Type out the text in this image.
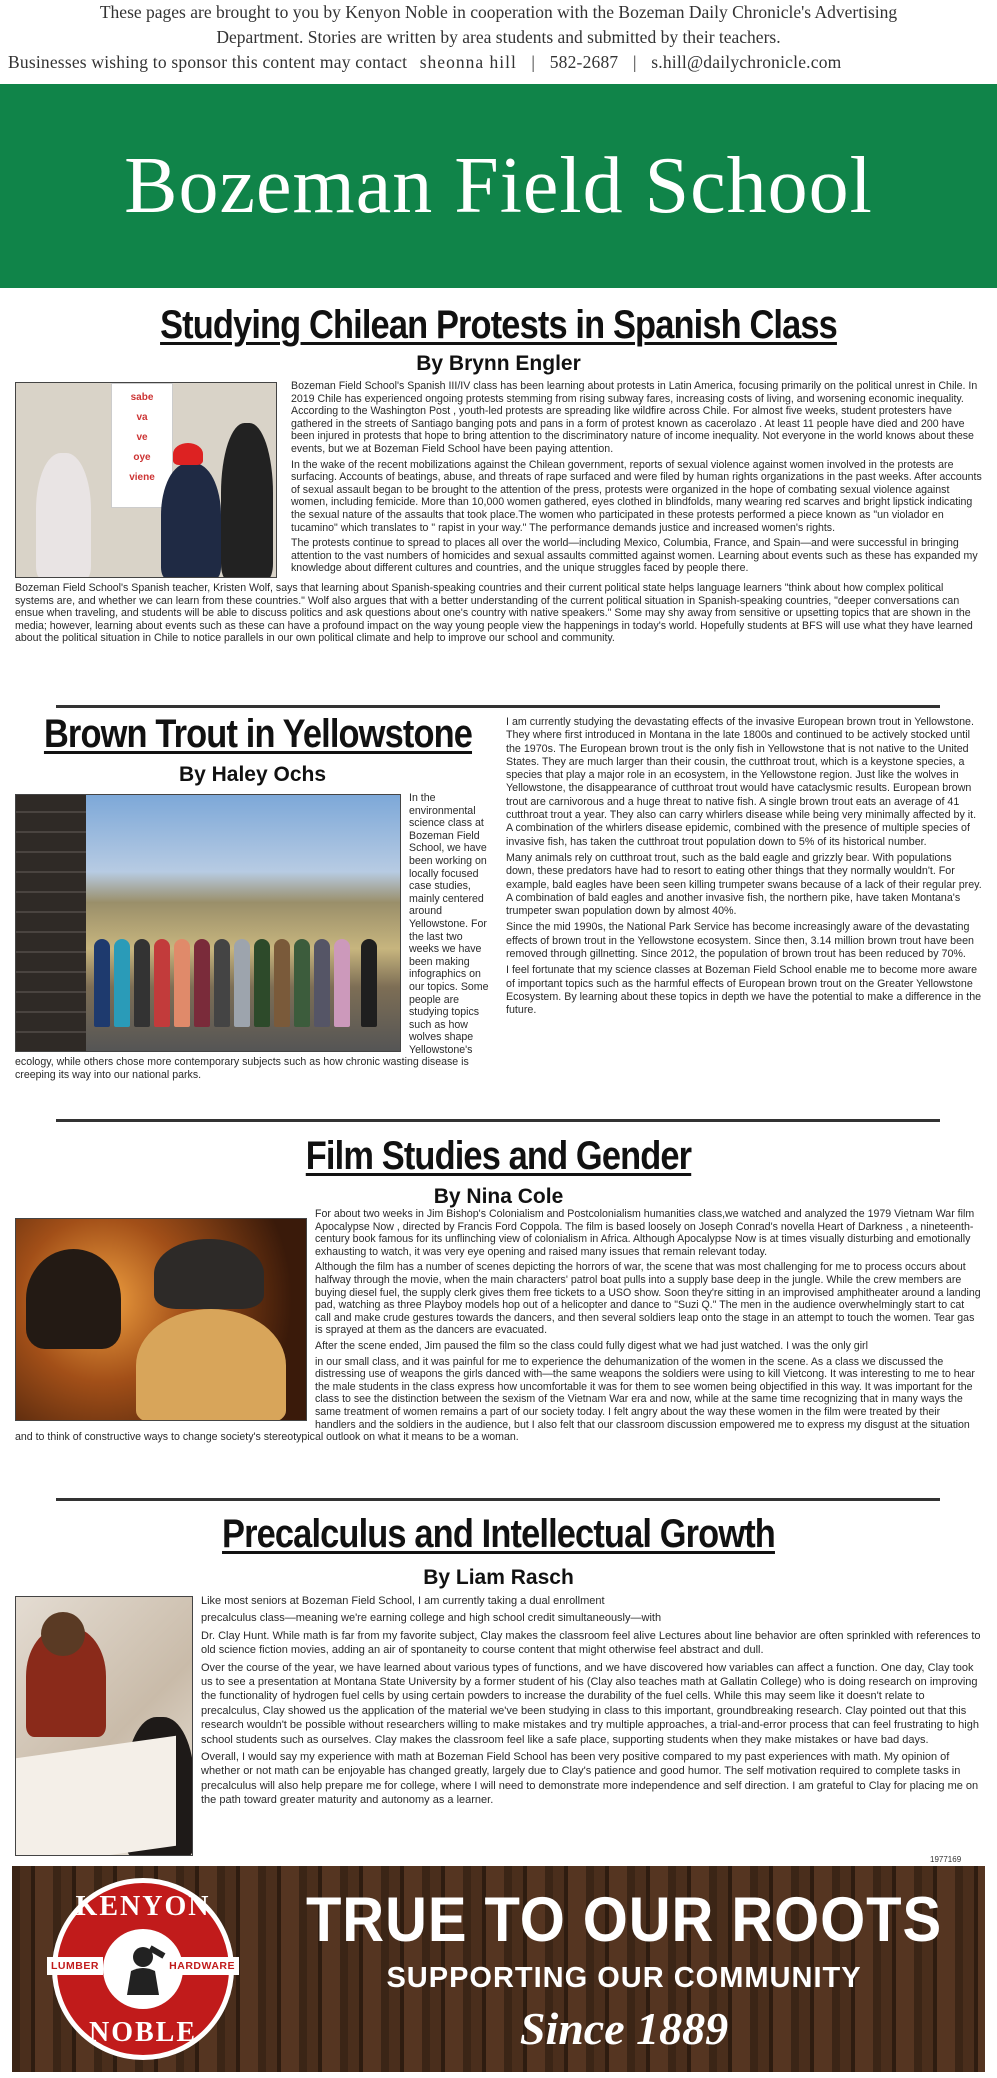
These pages are brought to you by Kenyon Noble in cooperation with the Bozeman Daily Chronicle's Advertising
Department. Stories are written by area students and submitted by their teachers.
Businesses wishing to sponsor this content may contact sheonna hill | 582-2687 | s.hill@dailychronicle.com
Bozeman Field School
Studying Chilean Protests in Spanish Class
By Brynn Engler
sabe
va
ve
oye
viene

Bozeman Field School's Spanish III/IV class has been learning about protests in Latin America, focusing primarily on the political unrest in Chile. In 2019 Chile has experienced ongoing protests stemming from rising subway fares, increasing costs of living, and worsening economic inequality. According to the Washington Post , youth-led protests are spreading like wildfire across Chile. For almost five weeks, student protesters have gathered in the streets of Santiago banging pots and pans in a form of protest known as cacerolazo . At least 11 people have died and 200 have been injured in protests that hope to bring attention to the discriminatory nature of income inequality. Not everyone in the world knows about these events, but we at Bozeman Field School have been paying attention.

In the wake of the recent mobilizations against the Chilean government, reports of sexual violence against women involved in the protests are surfacing. Accounts of beatings, abuse, and threats of rape surfaced and were filed by human rights organizations in the past weeks. After accounts of sexual assault began to be brought to the attention of the press, protests were organized in the hope of combating sexual violence against women, including femicide. More than 10,000 women gathered, eyes clothed in blindfolds, many wearing red scarves and bright lipstick indicating the sexual nature of the assaults that took place.The women who participated in these protests performed a piece known as "un violador en tucamino" which translates to " rapist in your way." The performance demands justice and increased women's rights.

The protests continue to spread to places all over the world—including Mexico, Columbia, France, and Spain—and were successful in bringing attention to the vast numbers of homicides and sexual assaults committed against women. Learning about events such as these has expanded my knowledge about different cultures and countries, and the unique struggles faced by people there.

Bozeman Field School's Spanish teacher, Kristen Wolf, says that learning about Spanish-speaking countries and their current political state helps language learners "think about how complex political systems are, and whether we can learn from these countries." Wolf also argues that with a better understanding of the current political situation in Spanish-speaking countries, "deeper conversations can ensue when traveling, and students will be able to discuss politics and ask questions about one's country with native speakers." Some may shy away from sensitive or upsetting topics that are shown in the media; however, learning about events such as these can have a profound impact on the way young people view the happenings in today's world. Hopefully students at BFS will use what they have learned about the political situation in Chile to notice parallels in our own political climate and help to improve our school and community.

Brown Trout in Yellowstone
By Haley Ochs

In the environmental science class at Bozeman Field School, we have been working on locally focused case studies, mainly centered around Yellowstone. For the last two weeks we have been making infographics on our topics. Some people are studying topics such as how wolves shape Yellowstone's ecology, while others chose more contemporary subjects such as how chronic wasting disease is creeping its way into our national parks.

I am currently studying the devastating effects of the invasive European brown trout in Yellowstone. They where first introduced in Montana in the late 1800s and continued to be actively stocked until the 1970s. The European brown trout is the only fish in Yellowstone that is not native to the United States. They are much larger than their cousin, the cutthroat trout, which is a keystone species, a species that play a major role in an ecosystem, in the Yellowstone region. Just like the wolves in Yellowstone, the disappearance of cutthroat trout would have cataclysmic results. European brown trout are carnivorous and a huge threat to native fish. A single brown trout eats an average of 41 cutthroat trout a year. They also can carry whirlers disease while being very minimally affected by it. A combination of the whirlers disease epidemic, combined with the presence of multiple species of invasive fish, has taken the cutthroat trout population down to 5% of its historical number.

Many animals rely on cutthroat trout, such as the bald eagle and grizzly bear. With populations down, these predators have had to resort to eating other things that they normally wouldn't. For example, bald eagles have been seen killing trumpeter swans because of a lack of their regular prey. A combination of bald eagles and another invasive fish, the northern pike, have taken Montana's trumpeter swan population down by almost 40%.

Since the mid 1990s, the National Park Service has become increasingly aware of the devastating effects of brown trout in the Yellowstone ecosystem. Since then, 3.14 million brown trout have been removed through gillnetting. Since 2012, the population of brown trout has been reduced by 70%.

I feel fortunate that my science classes at Bozeman Field School enable me to become more aware of important topics such as the harmful effects of European brown trout on the Greater Yellowstone Ecosystem. By learning about these topics in depth we have the potential to make a difference in the future.

Film Studies and Gender
By Nina Cole

For about two weeks in Jim Bishop's Colonialism and Postcolonialism humanities class,we watched and analyzed the 1979 Vietnam War film Apocalypse Now , directed by Francis Ford Coppola. The film is based loosely on Joseph Conrad's novella Heart of Darkness , a nineteenth-century book famous for its unflinching view of colonialism in Africa. Although Apocalypse Now is at times visually disturbing and emotionally exhausting to watch, it was very eye opening and raised many issues that remain relevant today.

Although the film has a number of scenes depicting the horrors of war, the scene that was most challenging for me to process occurs about halfway through the movie, when the main characters' patrol boat pulls into a supply base deep in the jungle. While the crew members are buying diesel fuel, the supply clerk gives them free tickets to a USO show. Soon they're sitting in an improvised amphitheater around a landing pad, watching as three Playboy models hop out of a helicopter and dance to "Suzi Q." The men in the audience overwhelmingly start to cat call and make crude gestures towards the dancers, and then several soldiers leap onto the stage in an attempt to touch the women. Tear gas is sprayed at them as the dancers are evacuated.

After the scene ended, Jim paused the film so the class could fully digest what we had just watched. I was the only girl

in our small class, and it was painful for me to experience the dehumanization of the women in the scene. As a class we discussed the distressing use of weapons the girls danced with—the same weapons the soldiers were using to kill Vietcong. It was interesting to me to hear the male students in the class express how uncomfortable it was for them to see women being objectified in this way. It was important for the class to see the distinction between the sexism of the Vietnam War era and now, while at the same time recognizing that in many ways the same treatment of women remains a part of our society today. I felt angry about the way these women in the film were treated by their handlers and the soldiers in the audience, but I also felt that our classroom discussion empowered me to express my disgust at the situation and to think of constructive ways to change society's stereotypical outlook on what it means to be a woman.

Precalculus and Intellectual Growth
By Liam Rasch

Like most seniors at Bozeman Field School, I am currently taking a dual enrollment

precalculus class—meaning we're earning college and high school credit simultaneously—with

Dr. Clay Hunt. While math is far from my favorite subject, Clay makes the classroom feel alive Lectures about line behavior are often sprinkled with references to old science fiction movies, adding an air of spontaneity to course content that might otherwise feel abstract and dull.

Over the course of the year, we have learned about various types of functions, and we have discovered how variables can affect a function. One day, Clay took us to see a presentation at Montana State University by a former student of his (Clay also teaches math at Gallatin College) who is doing research on improving the functionality of hydrogen fuel cells by using certain powders to increase the durability of the fuel cells. While this may seem like it doesn't relate to precalculus, Clay showed us the application of the material we've been studying in class to this important, groundbreaking research. Clay pointed out that this research wouldn't be possible without researchers willing to make mistakes and try multiple approaches, a trial-and-error process that can feel frustrating to high school students such as ourselves. Clay makes the classroom feel like a safe place, supporting students when they make mistakes or have bad days.

Overall, I would say my experience with math at Bozeman Field School has been very positive compared to my past experiences with math. My opinion of whether or not math can be enjoyable has changed greatly, largely due to Clay's patience and good humor. The self motivation required to complete tasks in precalculus will also help prepare me for college, where I will need to demonstrate more independence and self direction. I am grateful to Clay for placing me on the path toward greater maturity and autonomy as a learner.

1977169
KENYON
LUMBER	HARDWARE
NOBLE
TRUE TO OUR ROOTS
SUPPORTING OUR COMMUNITY
Since 1889
